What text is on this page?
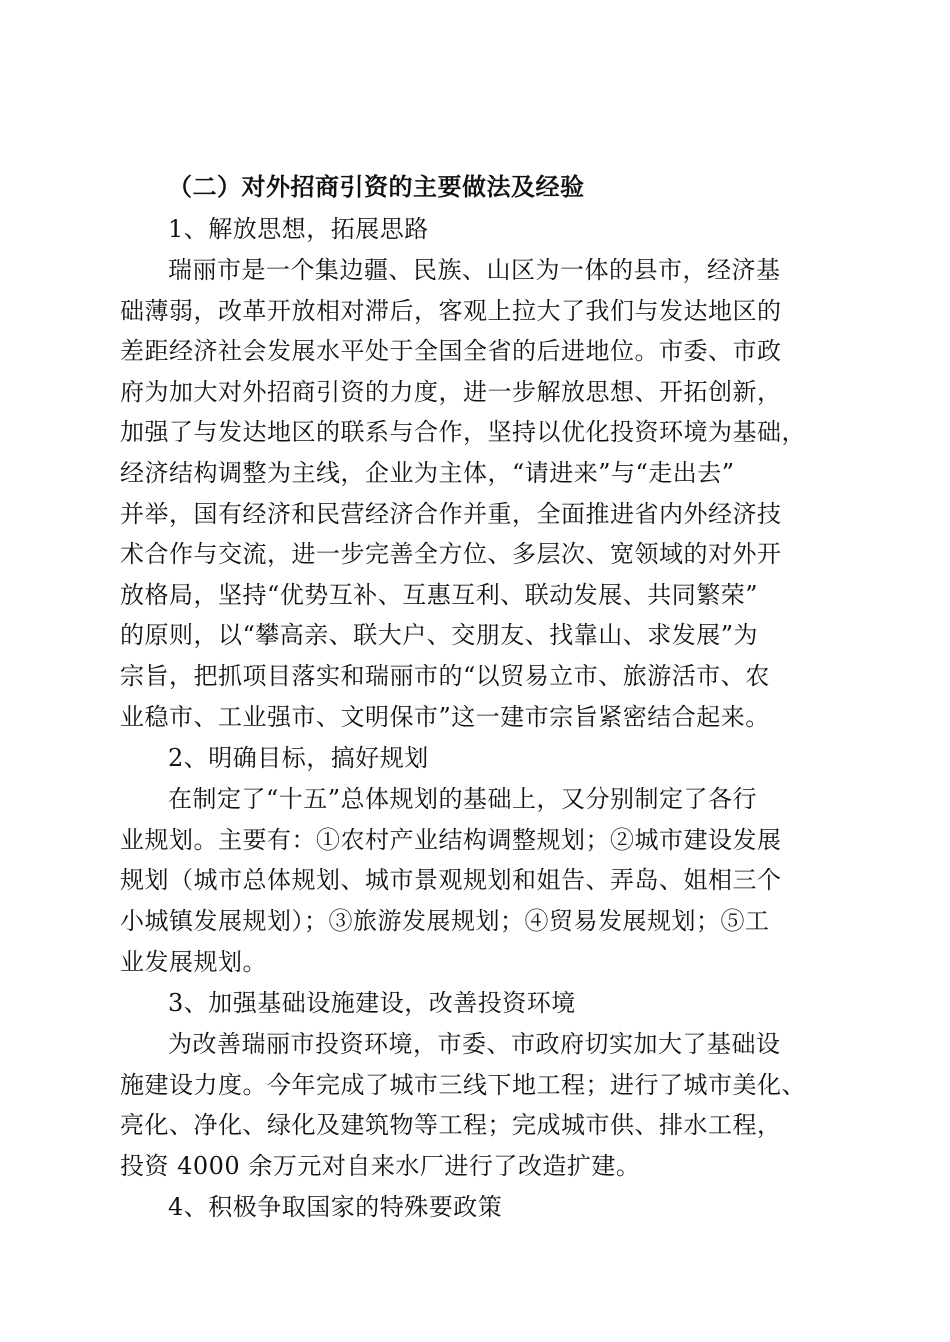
（二）对外招商引资的主要做法及经验
1、解放思想，拓展思路
瑞丽市是一个集边疆、民族、山区为一体的县市，经济基
础薄弱，改革开放相对滞后，客观上拉大了我们与发达地区的
差距经济社会发展水平处于全国全省的后进地位。市委、市政
府为加大对外招商引资的力度，进一步解放思想、开拓创新，
加强了与发达地区的联系与合作，坚持以优化投资环境为基础，
经济结构调整为主线，企业为主体，“请进来”与“走出去”
并举，国有经济和民营经济合作并重，全面推进省内外经济技
术合作与交流，进一步完善全方位、多层次、宽领域的对外开
放格局，坚持“优势互补、互惠互利、联动发展、共同繁荣”
的原则，以“攀高亲、联大户、交朋友、找靠山、求发展”为
宗旨，把抓项目落实和瑞丽市的“以贸易立市、旅游活市、农
业稳市、工业强市、文明保市”这一建市宗旨紧密结合起来。
2、明确目标，搞好规划
在制定了“十五”总体规划的基础上，又分别制定了各行
业规划。主要有：①农村产业结构调整规划；②城市建设发展
规划（城市总体规划、城市景观规划和姐告、弄岛、姐相三个
小城镇发展规划）；③旅游发展规划；④贸易发展规划；⑤工
业发展规划。
3、加强基础设施建设，改善投资环境
为改善瑞丽市投资环境，市委、市政府切实加大了基础设
施建设力度。今年完成了城市三线下地工程；进行了城市美化、
亮化、净化、绿化及建筑物等工程；完成城市供、排水工程，
投资 4000 余万元对自来水厂进行了改造扩建。
4、积极争取国家的特殊要政策
